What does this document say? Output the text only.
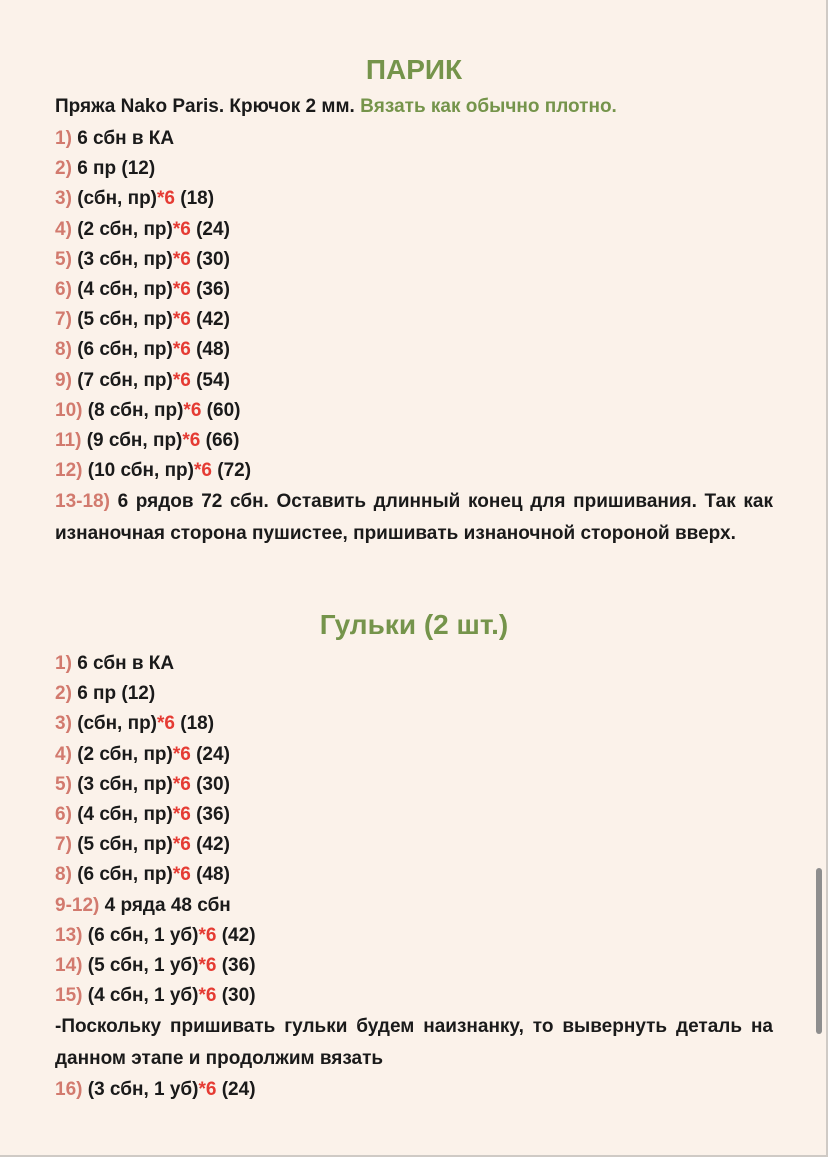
ПАРИК
Пряжа Nako Paris. Крючок 2 мм. Вязать как обычно плотно.
1) 6 сбн в КА
2) 6 пр (12)
3) (сбн, пр)*6 (18)
4) (2 сбн, пр)*6 (24)
5) (3 сбн, пр)*6 (30)
6) (4 сбн, пр)*6 (36)
7) (5 сбн, пр)*6 (42)
8) (6 сбн, пр)*6 (48)
9) (7 сбн, пр)*6 (54)
10) (8 сбн, пр)*6 (60)
11) (9 сбн, пр)*6 (66)
12) (10 сбн, пр)*6 (72)

13-18) 6 рядов 72 сбн. Оставить длинный конец для пришивания. Так как изнаночная сторона пушистее, пришивать изнаночной стороной вверх.

Гульки (2 шт.)
1) 6 сбн в КА
2) 6 пр (12)
3) (сбн, пр)*6 (18)
4) (2 сбн, пр)*6 (24)
5) (3 сбн, пр)*6 (30)
6) (4 сбн, пр)*6 (36)
7) (5 сбн, пр)*6 (42)
8) (6 сбн, пр)*6 (48)
9-12) 4 ряда 48 сбн
13) (6 сбн, 1 уб)*6 (42)
14) (5 сбн, 1 уб)*6 (36)
15) (4 сбн, 1 уб)*6 (30)

-Поскольку пришивать гульки будем наизнанку, то вывернуть деталь на данном этапе и продолжим вязать

16) (3 сбн, 1 уб)*6 (24)
